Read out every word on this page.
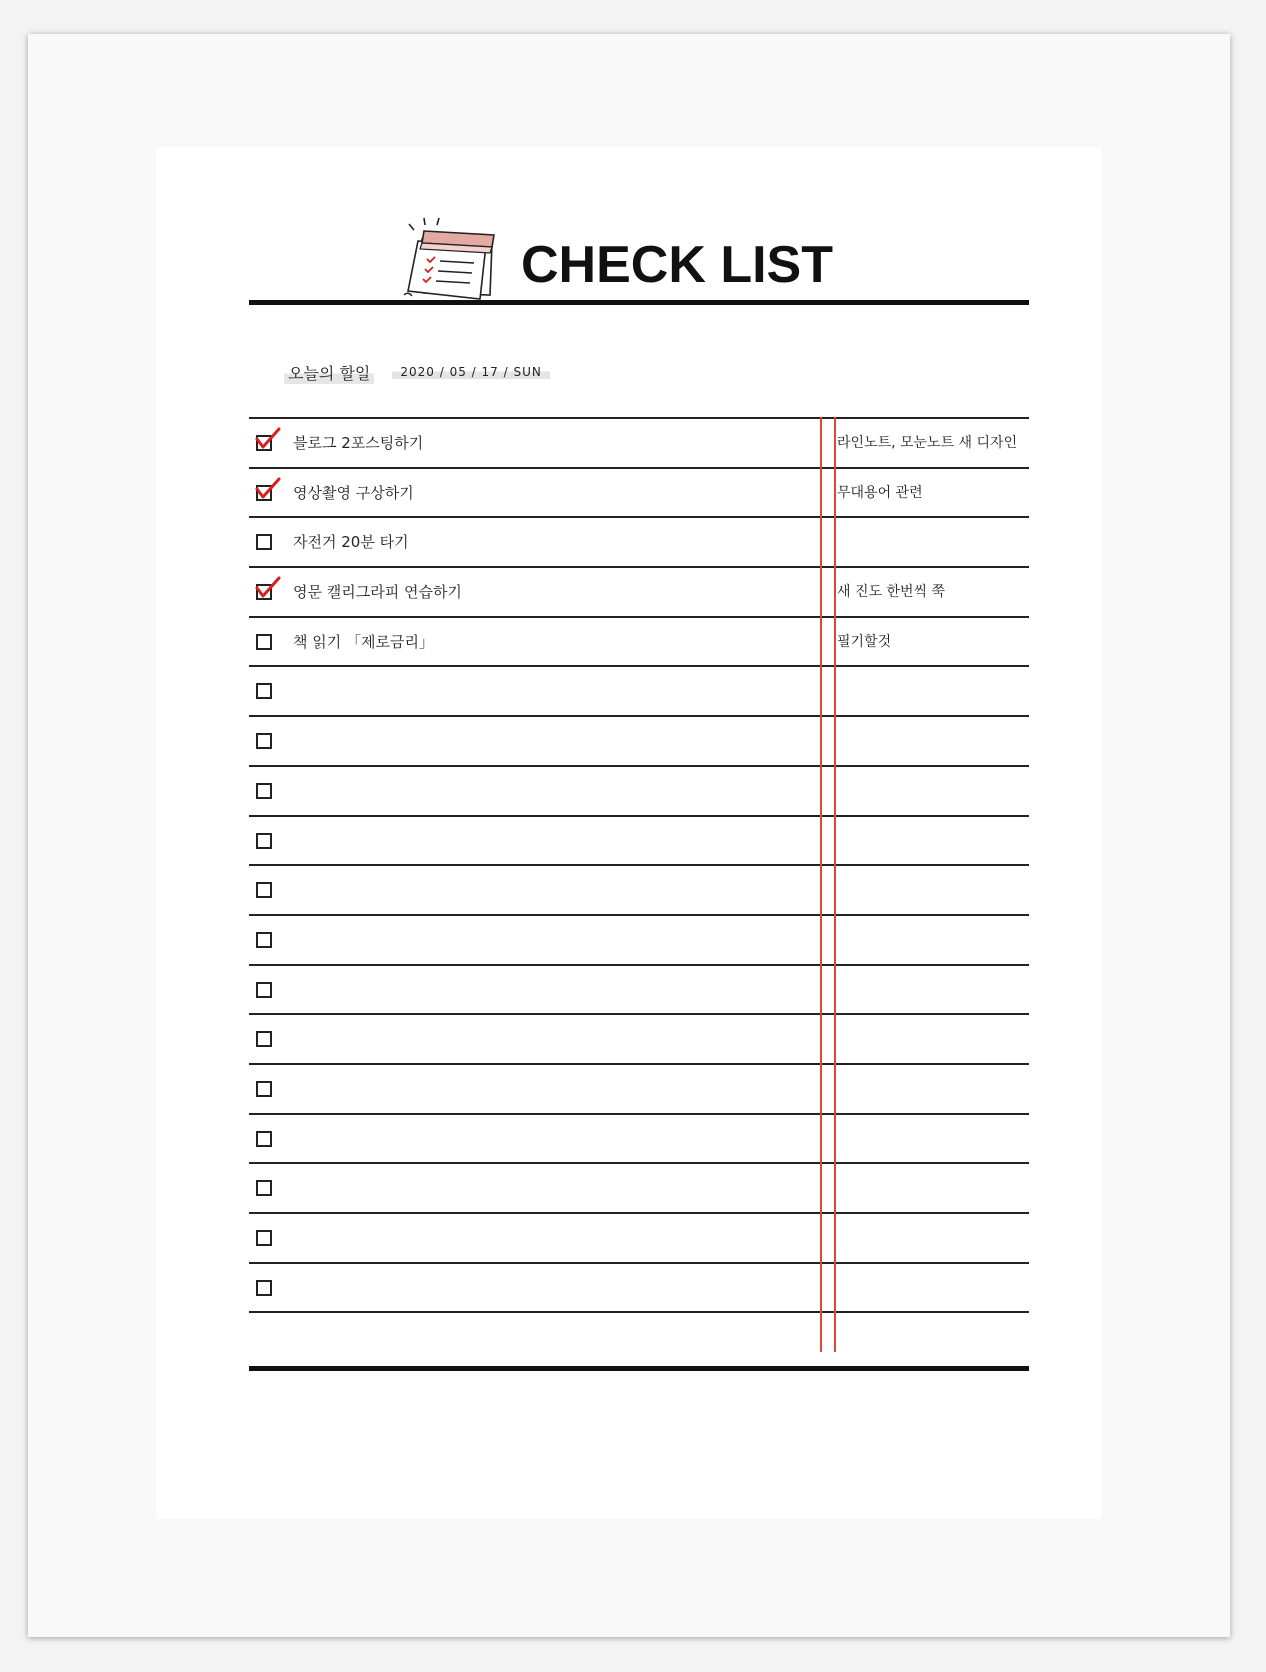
CHECK LIST
오늘의 할일	2020 / 05 / 17 / SUN
블로그 2포스팅하기	라인노트, 모눈노트 새 디자인
영상촬영 구상하기	무대용어 관련
자전거 20분 타기
영문 캘리그라피 연습하기	새 진도 한번씩 쭉
책 읽기 「제로금리」	필기할것
